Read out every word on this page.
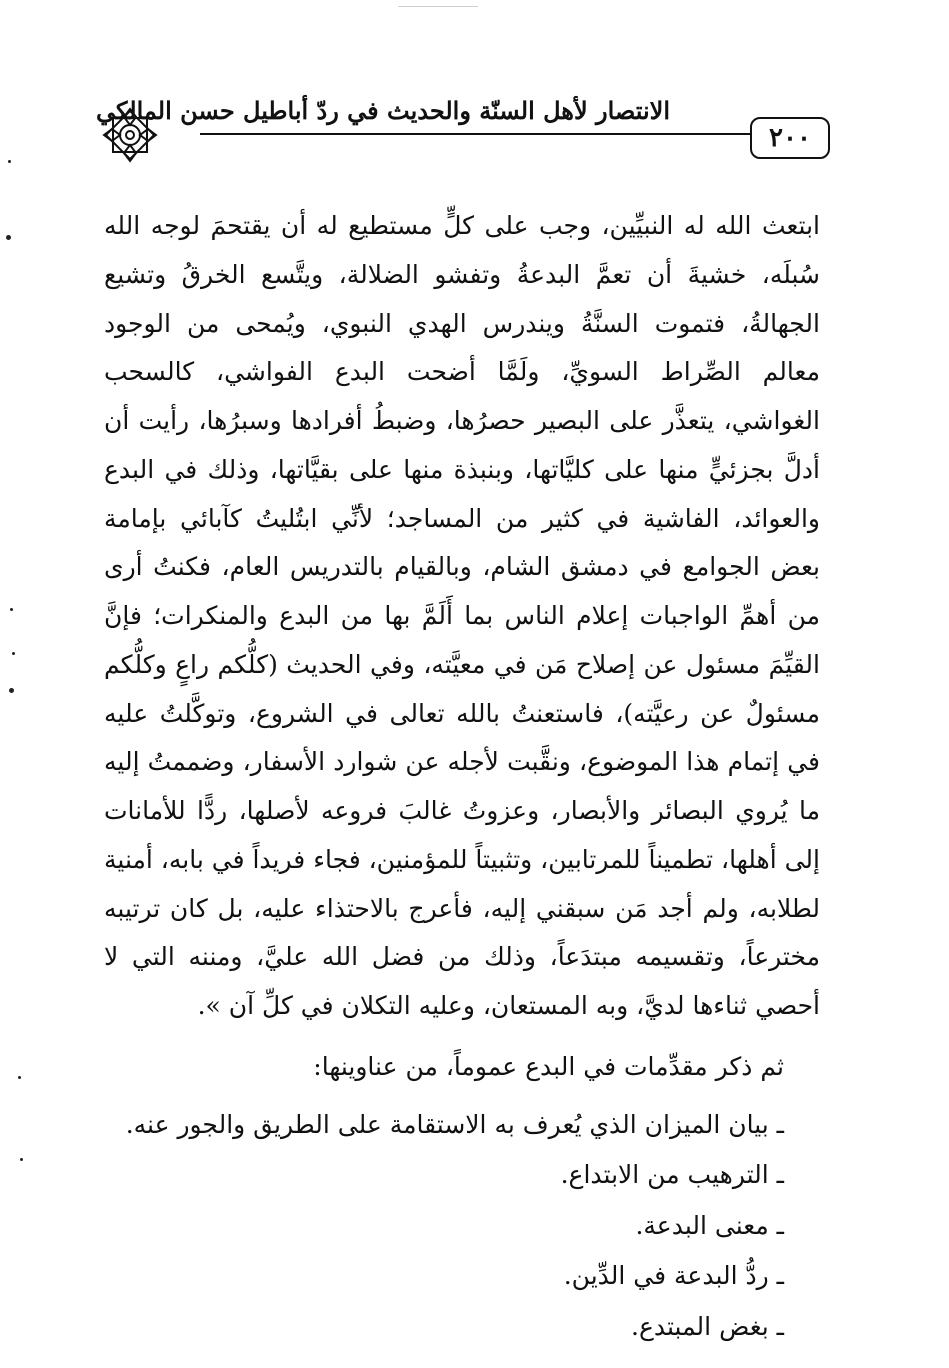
الانتصار لأهل السنّة والحديث في ردّ أباطيل حسن المالكي
٢٠٠

ابتعث الله له النبيِّين، وجب على كلٍّ مستطيع له أن يقتحمَ لوجه الله سُبلَه، خشيةَ أن تعمَّ البدعةُ وتفشو الضلالة، ويتَّسع الخرقُ وتشيع الجهالةُ، فتموت السنَّةُ ويندرس الهدي النبوي، ويُمحى من الوجود معالم الصِّراط السويِّ، ولَمَّا أضحت البدع الفواشي، كالسحب الغواشي، يتعذَّر على البصير حصرُها، وضبطُ أفرادها وسبرُها، رأيت أن أدلَّ بجزئيٍّ منها على كليَّاتها، وبنبذة منها على بقيَّاتها، وذلك في البدع والعوائد، الفاشية في كثير من المساجد؛ لأنِّي ابتُليتُ كآبائي بإمامة بعض الجوامع في دمشق الشام، وبالقيام بالتدريس العام، فكنتُ أرى من أهمِّ الواجبات إعلام الناس بما أَلَمَّ بها من البدع والمنكرات؛ فإنَّ القيِّمَ مسئول عن إصلاح مَن في معيَّته، وفي الحديث (كلُّكم راعٍ وكلُّكم مسئولٌ عن رعيَّته)، فاستعنتُ بالله تعالى في الشروع، وتوكَّلتُ عليه في إتمام هذا الموضوع، ونقَّبت لأجله عن شوارد الأسفار، وضممتُ إليه ما يُروي البصائر والأبصار، وعزوتُ غالبَ فروعه لأصلها، ردًّا للأمانات إلى أهلها، تطميناً للمرتابين، وتثبيتاً للمؤمنين، فجاء فريداً في بابه، أمنية لطلابه، ولم أجد مَن سبقني إليه، فأعرج بالاحتذاء عليه، بل كان ترتيبه مخترعاً، وتقسيمه مبتدَعاً، وذلك من فضل الله عليَّ، ومننه التي لا أحصي ثناءها لديَّ، وبه المستعان، وعليه التكلان في كلِّ آن ».

ثم ذكر مقدِّمات في البدع عموماً، من عناوينها:
ـ بيان الميزان الذي يُعرف به الاستقامة على الطريق والجور عنه.
ـ الترهيب من الابتداع.
ـ معنى البدعة.
ـ ردُّ البدعة في الدِّين.
ـ بغض المبتدع.
